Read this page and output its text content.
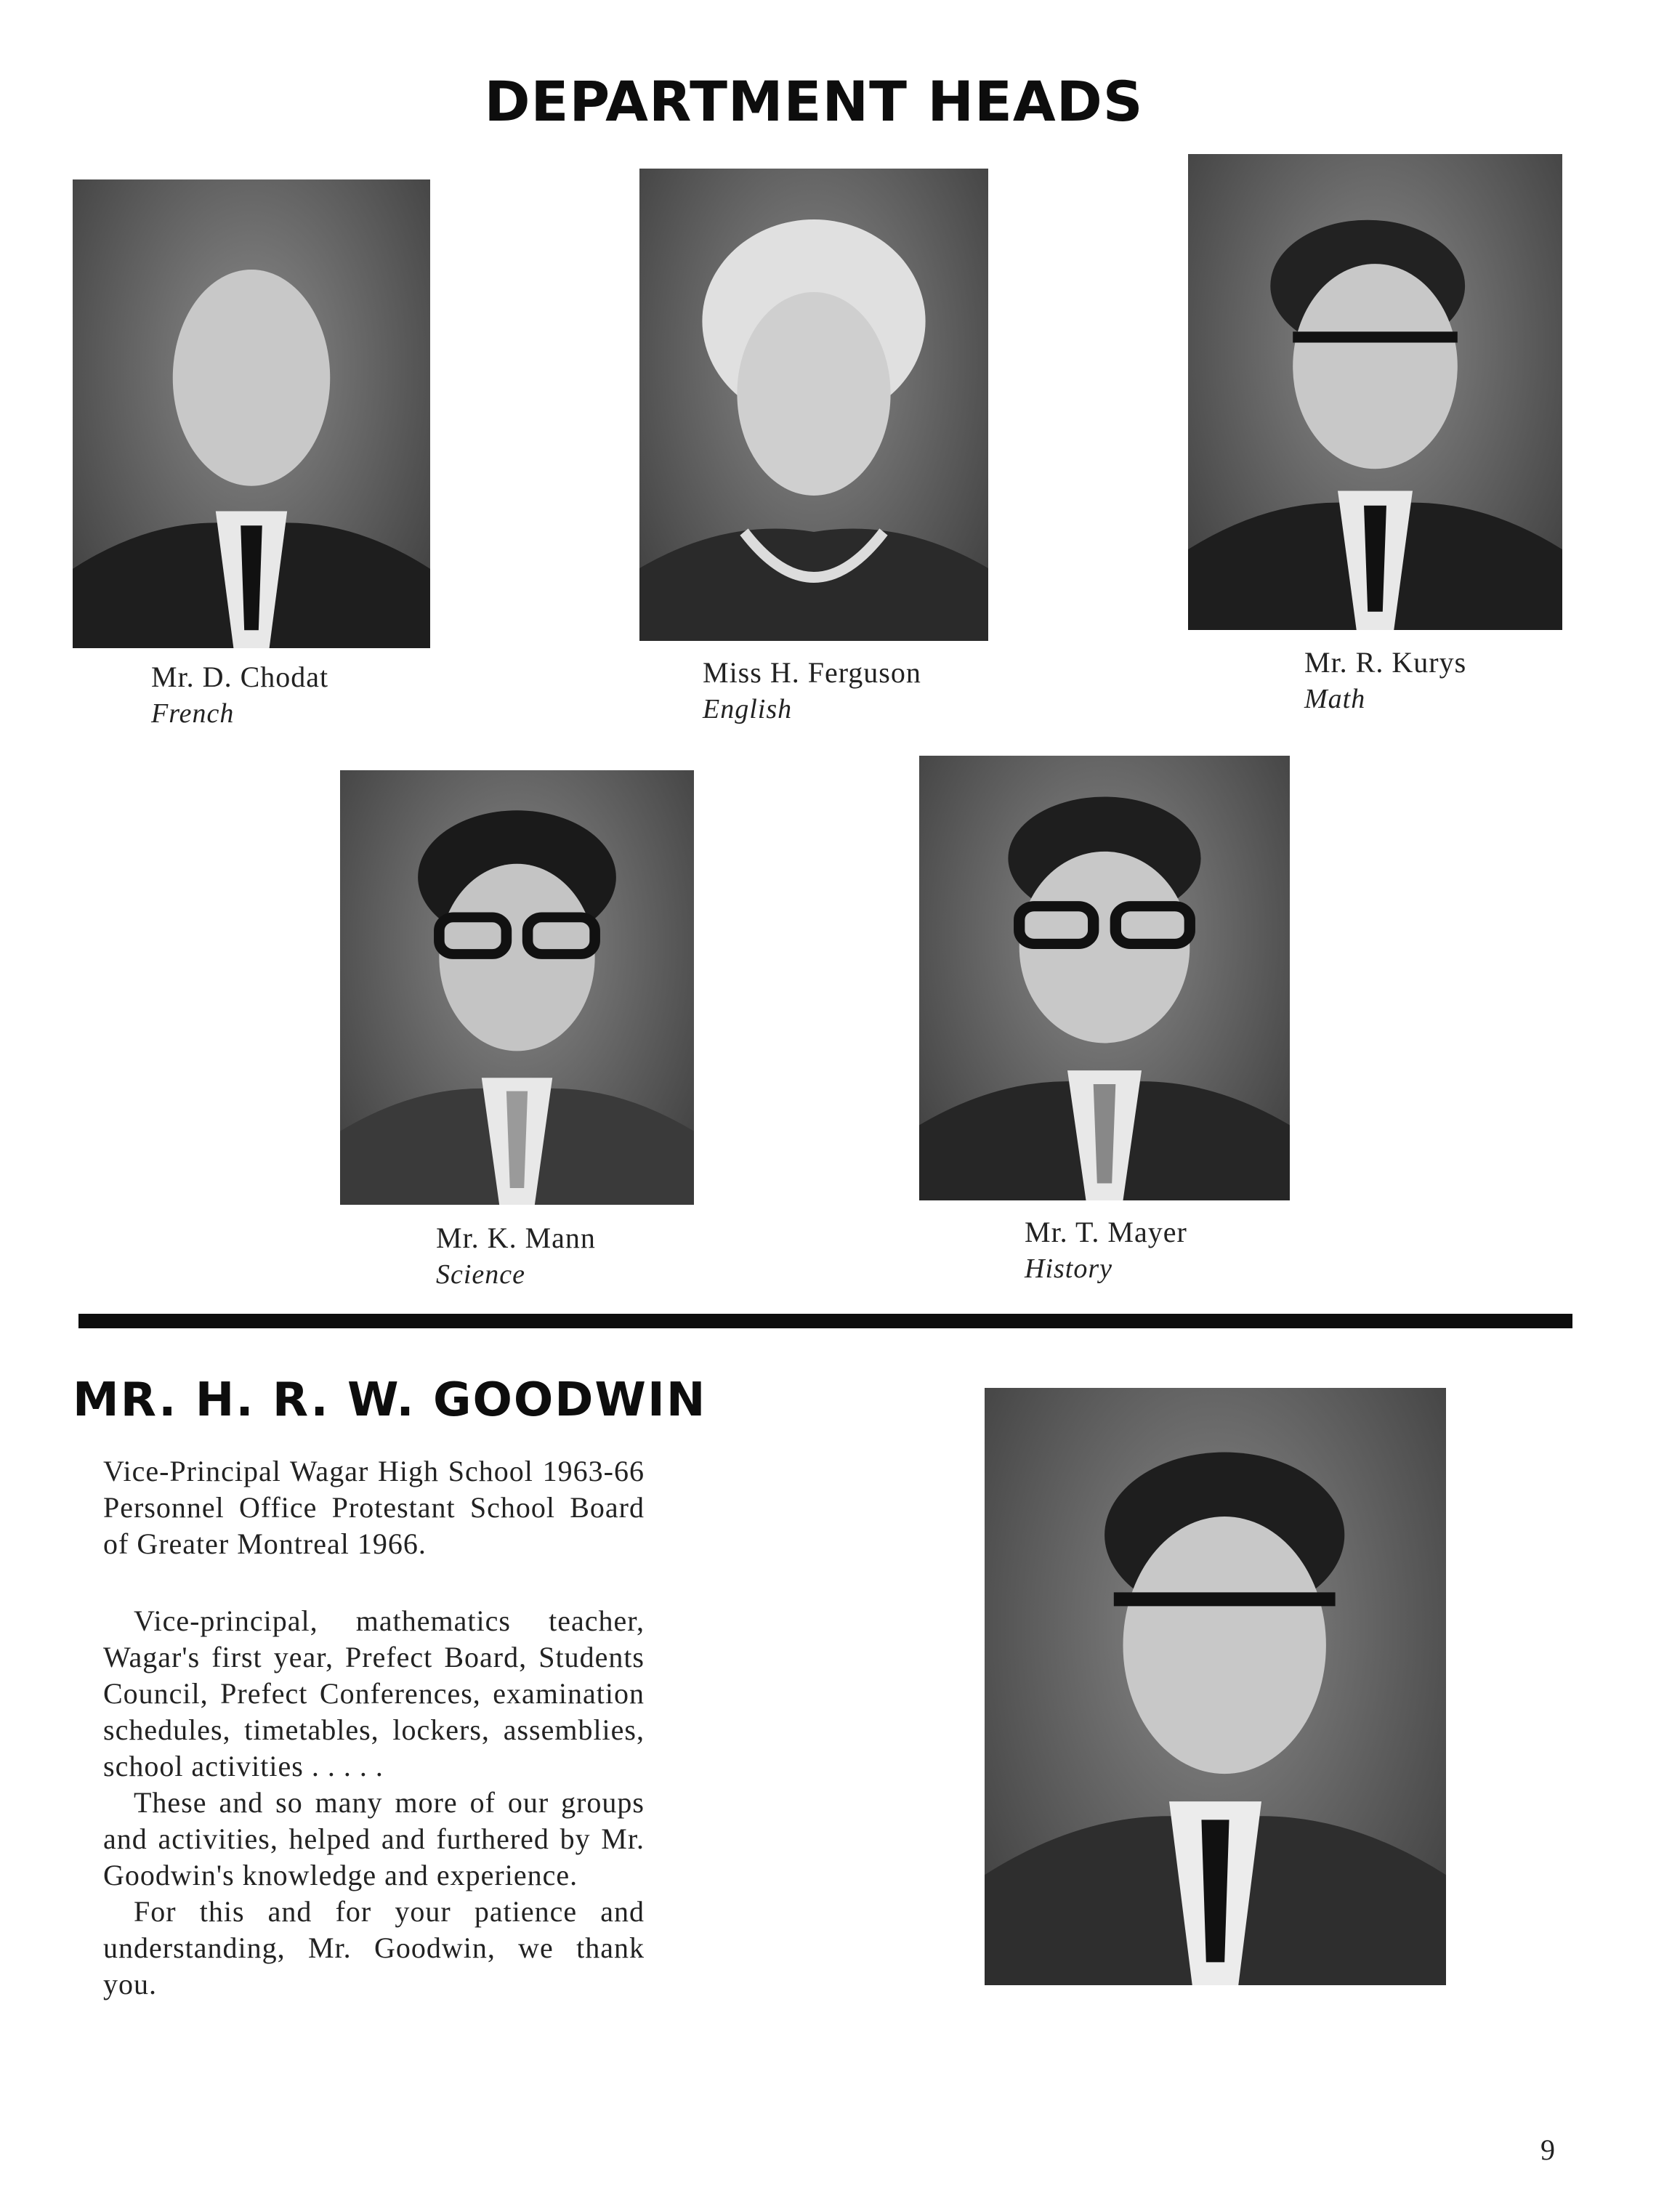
DEPARTMENT HEADS
Mr. D. Chodat
French
Miss H. Ferguson
English
Mr. R. Kurys
Math
Mr. K. Mann
Science
Mr. T. Mayer
History
MR. H. R. W. GOODWIN

Vice-Principal Wagar High School 1963-66 Personnel Office Protestant School Board of Greater Montreal 1966.

Vice-principal, mathematics teacher, Wagar's first year, Prefect Board, Students Council, Prefect Conferences, examination schedules, timetables, lockers, assemblies, school activities . . . . .

These and so many more of our groups and activities, helped and furthered by Mr. Goodwin's knowledge and experience.

For this and for your patience and understanding, Mr. Goodwin, we thank you.

9
